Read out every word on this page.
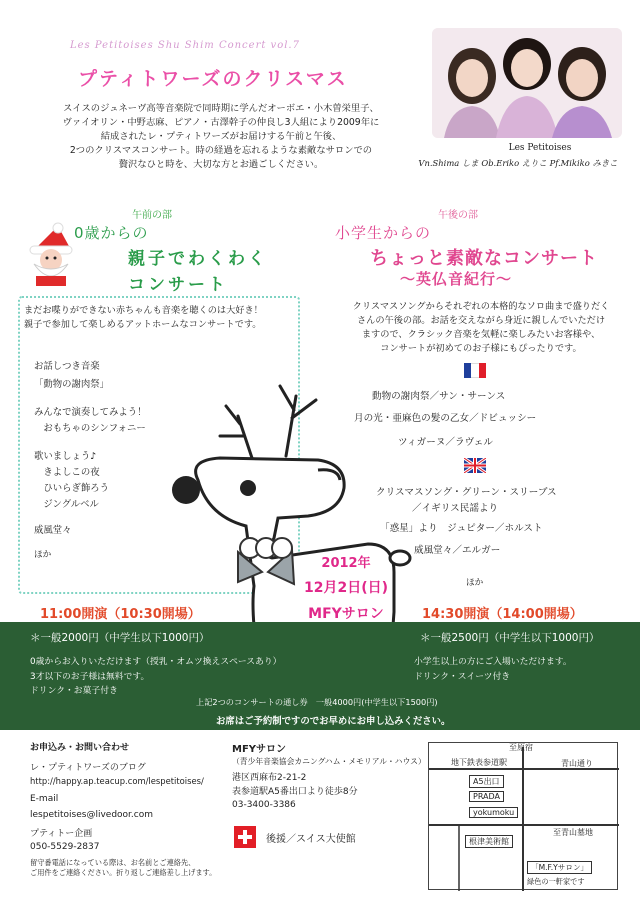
Les Petitoises Shu Shim Concert vol.7
プティトワーズのクリスマス
スイスのジュネーヴ高等音楽院で同時期に学んだオーボエ・小木曽栄里子、
ヴァイオリン・中野志麻、ピアノ・古澤幹子の仲良し3人組により2009年に
結成されたレ・プティトワーズがお届けする午前と午後、
2つのクリスマスコンサート。時の経過を忘れるような素敵なサロンでの
贅沢なひと時を、大切な方とお過ごしください。
Les Petitoises
Vn.Shima しま Ob.Eriko えりこ Pf.Mikiko みきこ
午前の部	午後の部
0歳からの
親子でわくわく
コンサート
小学生からの
ちょっと素敵なコンサート
～英仏音紀行～
まだお喋りができない赤ちゃんも音楽を聴くのは大好き！
親子で参加して楽しめるアットホームなコンサートです。
お話しつき音楽
「動物の謝肉祭」
みんなで演奏してみよう！
　おもちゃのシンフォニー
歌いましょう♪
　きよしこの夜
　ひいらぎ飾ろう
　ジングルベル
威風堂々
ほか
クリスマスソングからそれぞれの本格的なソロ曲まで盛りだく
さんの午後の部。お話を交えながら身近に親しんでいただけ
ますので、クラシック音楽を気軽に楽しみたいお客様や、
コンサートが初めてのお子様にもぴったりです。
動物の謝肉祭／サン・サーンス
月の光・亜麻色の髪の乙女／ドビュッシー
ツィガーヌ／ラヴェル
クリスマスソング・グリーン・スリーブス
／イギリス民謡より
「惑星」より　ジュピター／ホルスト
威風堂々／エルガー
ほか
2012年
12月2日(日)
MFYサロン
11:00開演（10:30開場）	14:30開演（14:00開場）
＊一般2000円（中学生以下1000円）
0歳からお入りいただけます（授乳・オムツ換えスペースあり）
3才以下のお子様は無料です。
ドリンク・お菓子付き
＊一般2500円（中学生以下1000円）
小学生以上の方にご入場いただけます。
ドリンク・スイーツ付き
上記2つのコンサートの通し券　一般4000円(中学生以下1500円)
お席はご予約制ですのでお早めにお申し込みください。
お申込み・お問い合わせ
レ・プティトワーズのブログ
http://happy.ap.teacup.com/lespetitoises/
E-mail
lespetitoises@livedoor.com
プティトー企画
050-5529-2837
留守番電話になっている際は、お名前とご連絡先、
ご用件をご連絡ください。折り返しご連絡差し上げます。
MFYサロン
（青少年音楽協会カニングハム・メモリアル・ハウス）
港区西麻布2-21-2
表参道駅A5番出口より徒歩8分
03-3400-3386
後援／スイス大使館
至原宿
地下鉄表参道駅	青山通り
A5出口
PRADA
yokumoku
至青山墓地
根津美術館
「M.F.Yサロン」
緑色の一軒家です
